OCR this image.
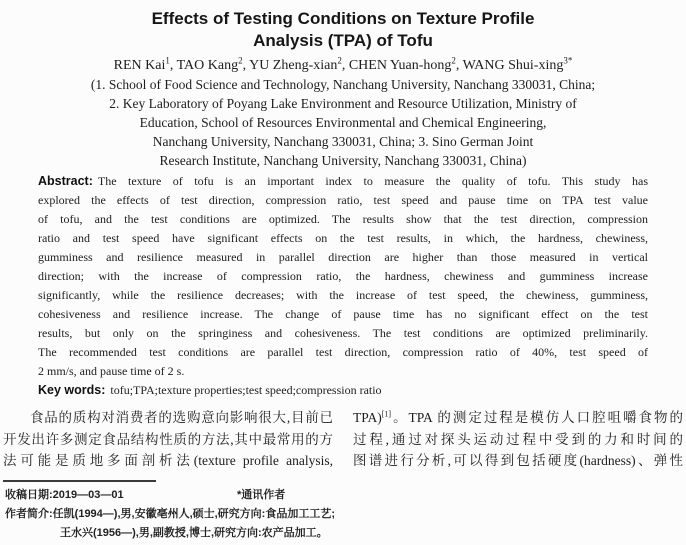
Effects of Testing Conditions on Texture Profile
Analysis (TPA) of Tofu
REN Kai$^1$, TAO Kang$^2$, YU Zheng-xian$^2$, CHEN Yuan-hong$^2$, WANG Shui-xing$^{3*}$
(1. School of Food Science and Technology, Nanchang University, Nanchang 330031, China;
2. Key Laboratory of Poyang Lake Environment and Resource Utilization, Ministry of
Education, School of Resources Environmental and Chemical Engineering,
Nanchang University, Nanchang 330031, China; 3. Sino German Joint
Research Institute, Nanchang University, Nanchang 330031, China)
Abstract: The texture of tofu is an important index to measure the quality of tofu. This study has
explored the effects of test direction, compression ratio, test speed and pause time on TPA test value
of tofu, and the test conditions are optimized. The results show that the test direction, compression
ratio and test speed have significant effects on the test results, in which, the hardness, chewiness,
gumminess and resilience measured in parallel direction are higher than those measured in vertical
direction; with the increase of compression ratio, the hardness, chewiness and gumminess increase
significantly, while the resilience decreases; with the increase of test speed, the chewiness, gumminess,
cohesiveness and resilience increase. The change of pause time has no significant effect on the test
results, but only on the springiness and cohesiveness. The test conditions are optimized preliminarily.
The recommended test conditions are parallel test direction, compression ratio of 40%, test speed of
2 mm/s, and pause time of 2 s.
Key words: tofu;TPA;texture properties;test speed;compression ratio
食品的质构对消费者的选购意向影响很大,目前已
开发出许多测定食品结构性质的方法,其中最常用的方
法可能是质地多面剖析法(texture profile analysis,
TPA)[1]。TPA 的测定过程是模仿人口腔咀嚼食物的
过程,通过对探头运动过程中受到的力和时间的
图谱进行分析,可以得到包括硬度(hardness)、弹性
收稿日期:2019—03—01	*通讯作者
作者简介:任凯(1994—),男,安徽亳州人,硕士,研究方向:食品加工工艺;
王水兴(1956—),男,副教授,博士,研究方向:农产品加工。
